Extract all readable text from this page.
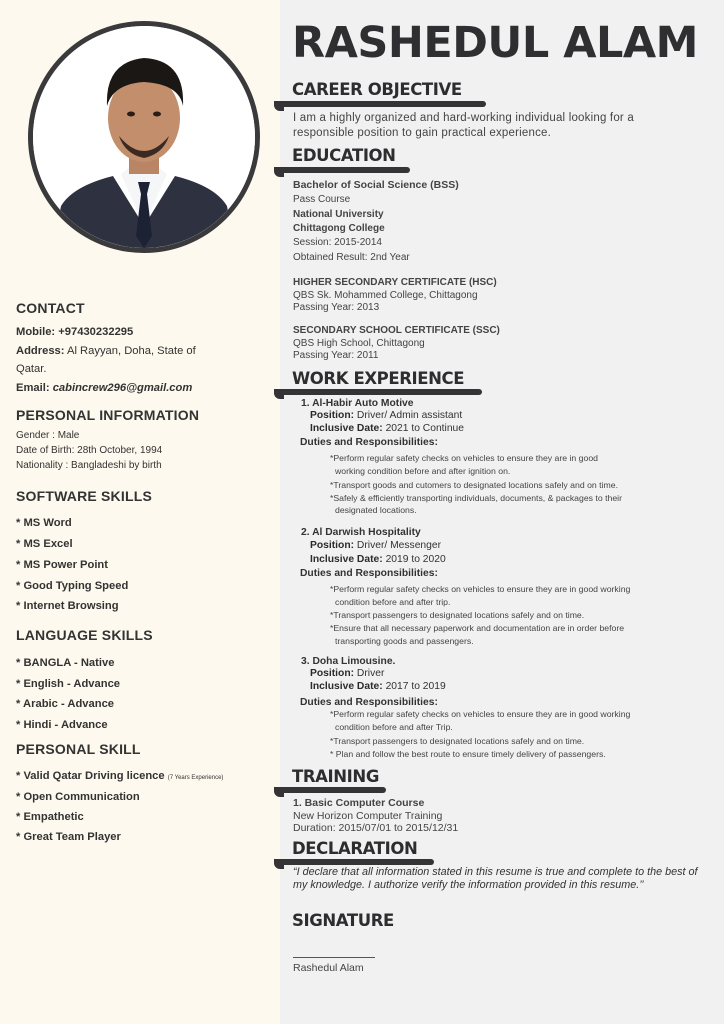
CONTACT
Mobile: +97430232295
Address: Al Rayyan, Doha, State of
Qatar.
Email: cabincrew296@gmail.com
PERSONAL INFORMATION
Gender : Male
Date of Birth: 28th October, 1994
Nationality : Bangladeshi by birth
SOFTWARE SKILLS
* MS Word
* MS Excel
* MS Power Point
* Good Typing Speed
* Internet Browsing
LANGUAGE SKILLS
* BANGLA - Native
* English - Advance
* Arabic - Advance
* Hindi - Advance
PERSONAL SKILL
* Valid Qatar Driving licence (7 Years Experience)
* Open Communication
* Empathetic
* Great Team Player
RASHEDUL ALAM
CAREER OBJECTIVE
I am a highly organized and hard-working individual looking for a
responsible position to gain practical experience.
EDUCATION
Bachelor of Social Science (BSS)
Pass Course
National University
Chittagong College
Session: 2015-2014
Obtained Result: 2nd Year
HIGHER SECONDARY CERTIFICATE (HSC)
QBS Sk. Mohammed College, Chittagong
Passing Year: 2013
SECONDARY SCHOOL CERTIFICATE (SSC)
QBS High School, Chittagong
Passing Year: 2011
WORK EXPERIENCE
1. Al-Habir Auto Motive
Position: Driver/ Admin assistant
Inclusive Date: 2021 to Continue
Duties and Responsibilities:
*Perform regular safety checks on vehicles to ensure they are in good
working condition before and after ignition on.
*Transport goods and cutomers to designated locations safely and on time.
*Safely & efficiently transporting individuals, documents, & packages to their
designated locations.
2. Al Darwish Hospitality
Position: Driver/ Messenger
Inclusive Date: 2019 to 2020
Duties and Responsibilities:
*Perform regular safety checks on vehicles to ensure they are in good working
condition before and after trip.
*Transport passengers to designated locations safely and on time.
*Ensure that all necessary paperwork and documentation are in order before
transporting goods and passengers.
3. Doha Limousine.
Position: Driver
Inclusive Date: 2017 to 2019
Duties and Responsibilities:
*Perform regular safety checks on vehicles to ensure they are in good working
condition before and after Trip.
*Transport passengers to designated locations safely and on time.
* Plan and follow the best route to ensure timely delivery of passengers.
TRAINING
1. Basic Computer Course
New Horizon Computer Training
Duration: 2015/07/01 to 2015/12/31
DECLARATION
“I declare that all information stated in this resume is true and complete to the best of my knowledge. I authorize verify the information provided in this resume.’’
SIGNATURE
Rashedul Alam
